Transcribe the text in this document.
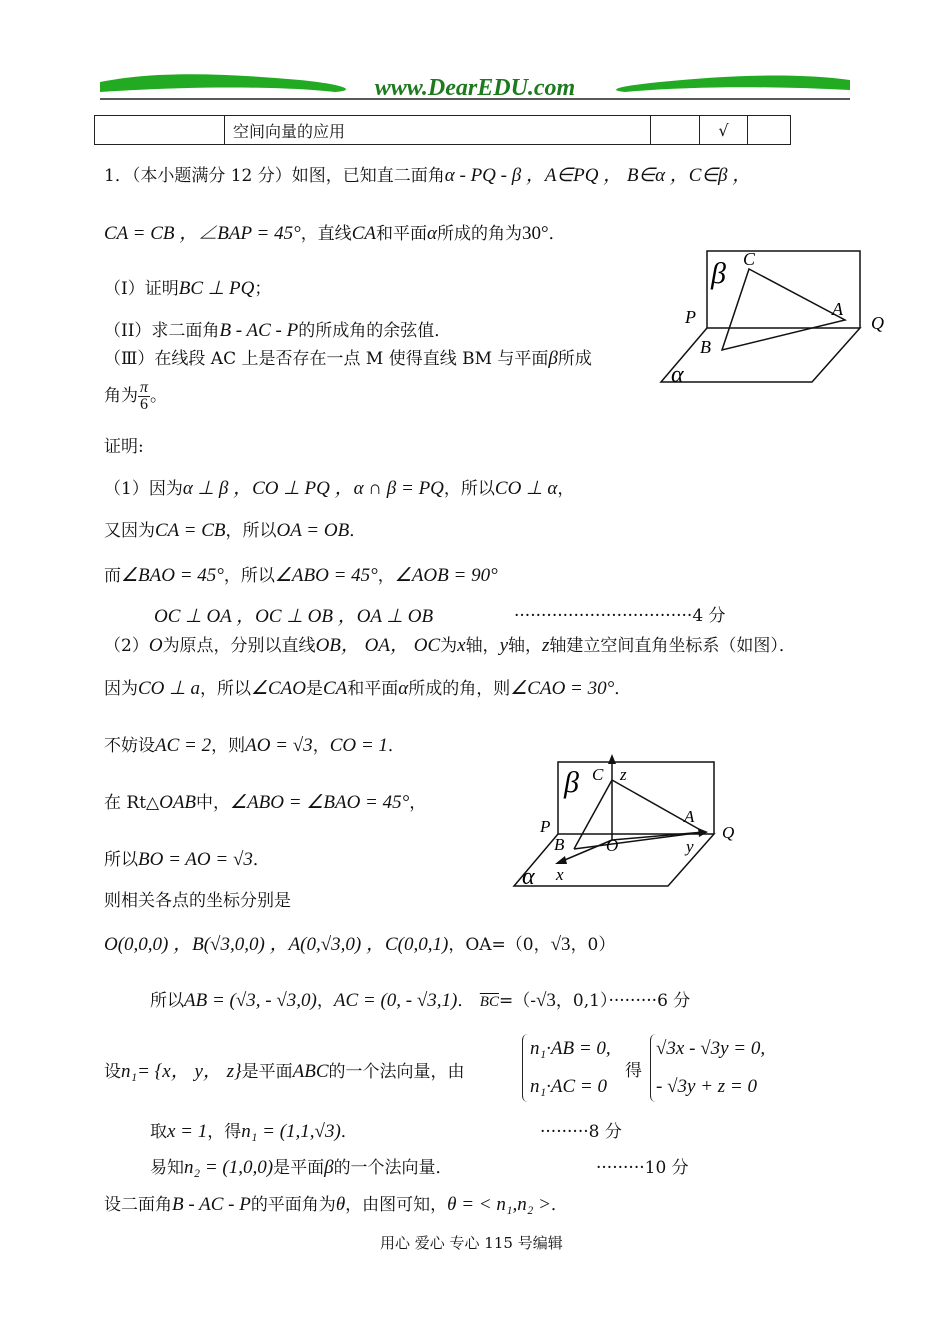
www.DearEDU.com
	空间向量的应用		√	
1．（本小题满分 12 分）如图，已知直二面角α - PQ - β ，A∈PQ ， B∈α ，C∈β ，
CA = CB ，∠BAP = 45°，直线CA和平面α所成的角为30°．
（I）证明BC ⊥ PQ；
（II）求二面角B - AC - P的所成角的余弦值．
（Ⅲ）在线段 AC 上是否存在一点 M 使得直线 BM 与平面β所成
角为 $\frac{\pi}{6}$ 。
β C
P	Q
A
B
α
证明:
（1）因为α ⊥ β ，CO ⊥ PQ ，α ∩ β = PQ，所以CO ⊥ α，
又因为CA = CB，所以OA = OB．
而∠BAO = 45°，所以∠ABO = 45°，∠AOB = 90°
OC ⊥ OA ，OC ⊥ OB ，OA ⊥ OB	·································4 分
（2）O为原点，分别以直线OB， OA， OC为x轴，y轴，z轴建立空间直角坐标系（如图）．
因为CO ⊥ a，所以∠CAO是CA和平面α所成的角，则∠CAO = 30°．
不妨设AC = 2，则AO = √3，CO = 1．
在 Rt△OAB中，∠ABO = ∠BAO = 45°，
所以BO = AO = √3．
则相关各点的坐标分别是
β C z
P	Q
A
B O	y
x
α
O(0,0,0) ，B(√3,0,0) ，A(0,√3,0) ，C(0,0,1)，OA=（0，√3，0）
所以AB = (√3, - √3,0)，AC = (0, - √3,1)． $\overline{BC}=(-√3$，0,1）·········6 分
设n₁= {x， y， z}是平面ABC的一个法向量，由
n₁·AB = 0,
n₁·AC = 0
得
√3x - √3y = 0,
- √3y + z = 0
取x = 1，得n₁ = (1,1,√3)．	·········8 分
易知n₂ = (1,0,0)是平面β的一个法向量．	·········10 分
设二面角B - AC - P的平面角为θ，由图可知，θ = < n₁,n₂ >．
用心 爱心 专心 115 号编辑
